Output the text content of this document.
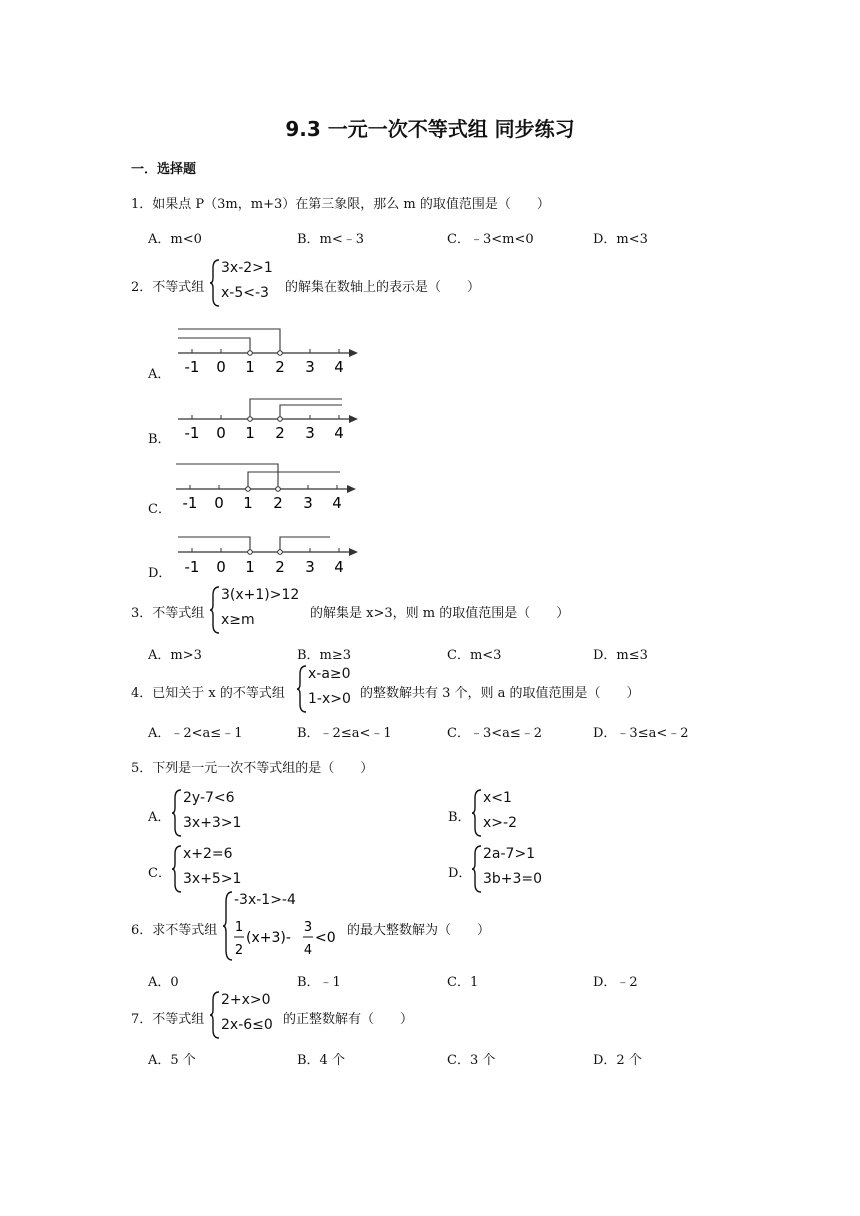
9.3 一元一次不等式组 同步练习
一．选择题
1．如果点 P（3m，m+3）在第三象限，那么 m 的取值范围是（　　）
A．m<0	B．m<﹣3	C．﹣3<m<0	D．m<3
2．不等式组
3x-2>1
x-5<-3 的解集在数轴上的表示是（　　）
A． -1 0 1 2 3 4
B． -1 0 1 2 3 4
C． -1 0 1 2 3 4
D． -1 0 1 2 3 4
3．不等式组
3(x+1)>12
x≥m	的解集是 x>3，则 m 的取值范围是（　　）
A．m>3	B．m≥3	C．m<3	D．m≤3
4．已知关于 x 的不等式组
x-a≥0
1-x>0 的整数解共有 3 个，则 a 的取值范围是（　　）
A．﹣2<a≤﹣1	B．﹣2≤a<﹣1	C．﹣3<a≤﹣2	D．﹣3≤a<﹣2
5．下列是一元一次不等式组的是（　　）
A．
2y-7<6
3x+3>1	B．
x<1
x>-2
C．
x+2=6
3x+5>1	D．
2a-7>1
3b+3=0
6．求不等式组
-3x-1>-4
1
2
(x+3)-
3
4
<0 的最大整数解为（　　）
A．0	B．﹣1	C．1	D．﹣2
7．不等式组
2+x>0
2x-6≤0 的正整数解有（　　）
A．5 个	B．4 个	C．3 个	D．2 个
